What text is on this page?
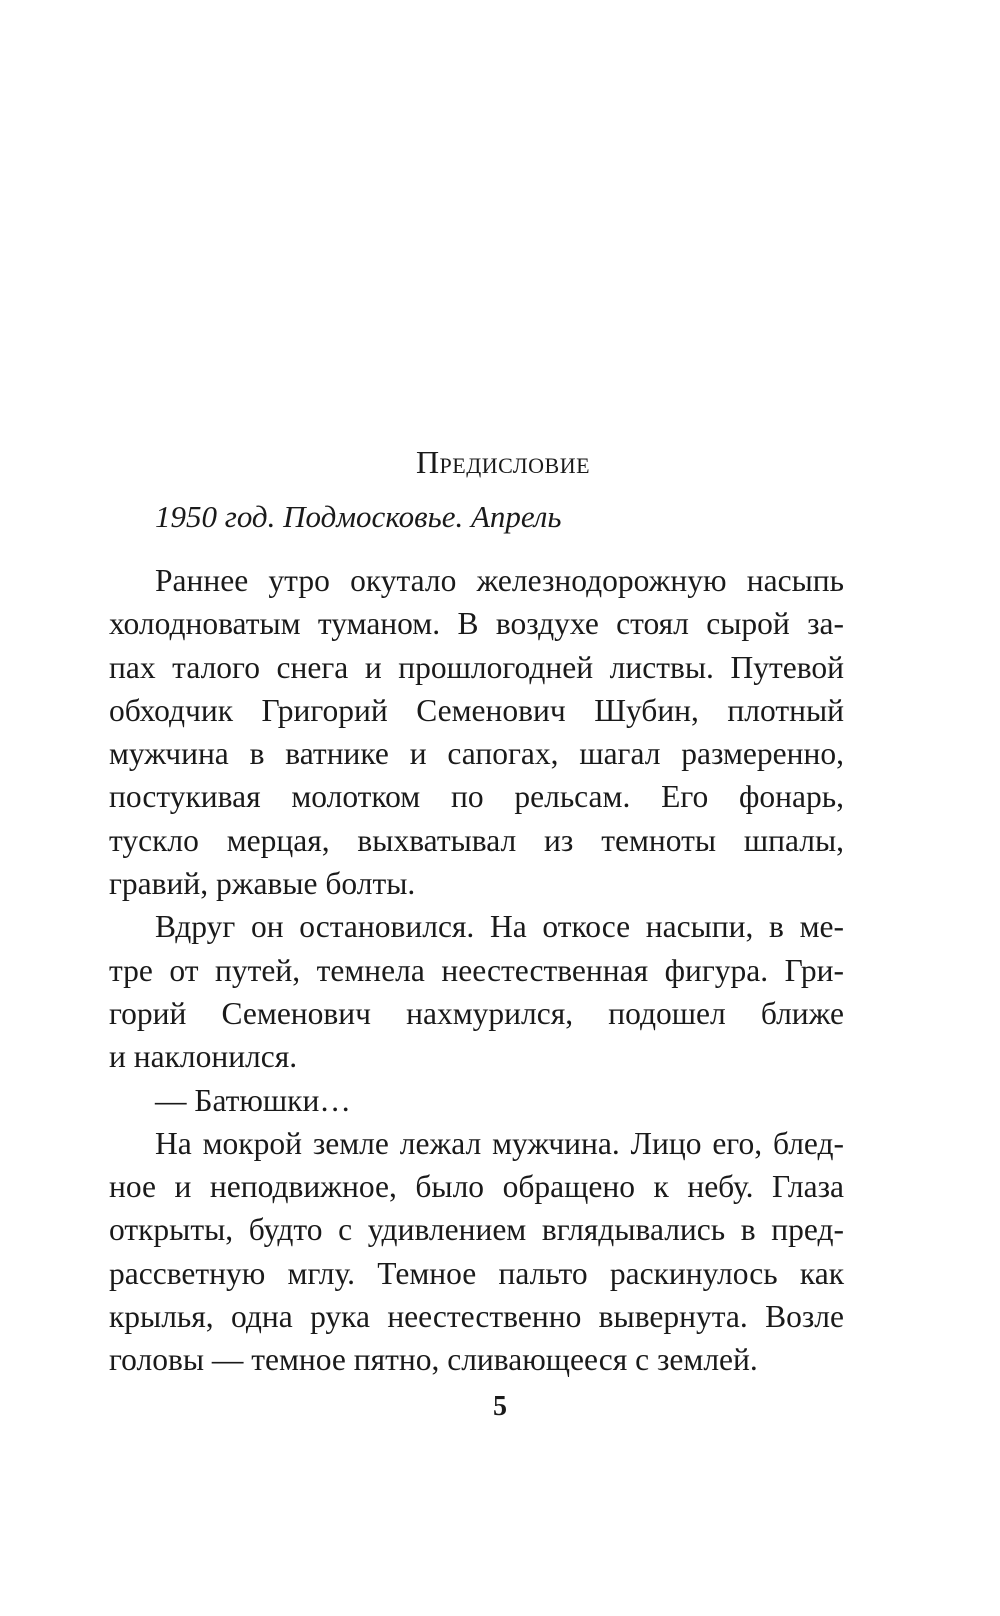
Предисловие
1950 год. Подмосковье. Апрель
Раннее утро окутало железнодорожную насыпь
холодноватым туманом. В воздухе стоял сырой за-
пах талого снега и прошлогодней листвы. Путевой
обходчик Григорий Семенович Шубин, плотный
мужчина в ватнике и сапогах, шагал размеренно,
постукивая молотком по рельсам. Его фонарь,
тускло мерцая, выхватывал из темноты шпалы,
гравий, ржавые болты.
Вдруг он остановился. На откосе насыпи, в ме-
тре от путей, темнела неестественная фигура. Гри-
горий Семенович нахмурился, подошел ближе
и наклонился.
— Батюшки…
На мокрой земле лежал мужчина. Лицо его, блед-
ное и неподвижное, было обращено к небу. Глаза
открыты, будто с удивлением вглядывались в пред-
рассветную мглу. Темное пальто раскинулось как
крылья, одна рука неестественно вывернута. Возле
головы — темное пятно, сливающееся с землей.
5
